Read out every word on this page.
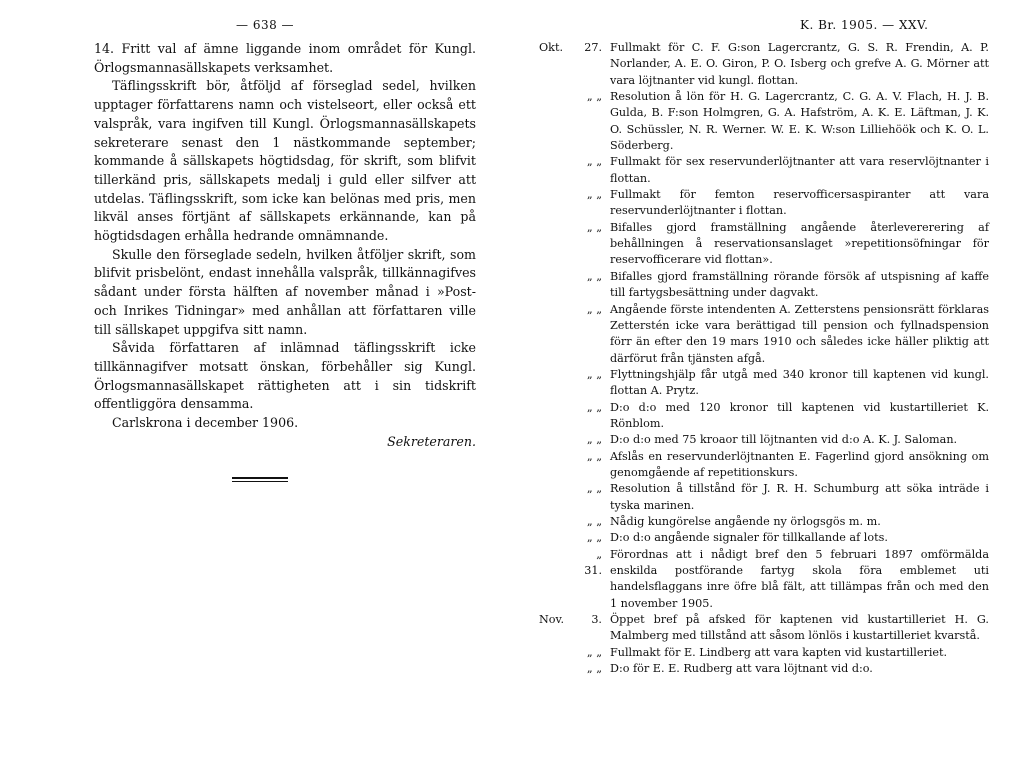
— 638 —

14. Fritt val af ämne liggande inom området för Kungl. Örlogsmannasällskapets verksamhet.

Täflingsskrift bör, åtföljd af förseglad sedel, hvilken upptager författarens namn och vistelseort, eller också ett valspråk, vara ingifven till Kungl. Örlogsmannasällskapets sekreterare senast den 1 nästkommande september; kommande å sällskapets högtidsdag, för skrift, som blifvit tillerkänd pris, sällskapets medalj i guld eller silfver att utdelas. Täflingsskrift, som icke kan belönas med pris, men likväl anses förtjänt af sällskapets erkännande, kan på högtidsdagen erhålla hedrande omnämnande.

Skulle den förseglade sedeln, hvilken åtföljer skrift, som blifvit prisbelönt, endast innehålla valspråk, tillkännagifves sådant under första hälften af november månad i »Post- och Inrikes Tidningar» med anhållan att författaren ville till sällskapet uppgifva sitt namn.

Såvida författaren af inlämnad täflingsskrift icke tillkännagifver motsatt önskan, förbehåller sig Kungl. Örlogsmannasällskapet rättigheten att i sin tidskrift offentliggöra densamma.

Carlskrona i december 1906.

Sekreteraren.

K. Br. 1905. — XXV.
Okt.	27. Fullmakt för C. F. G:son Lagercrantz, G. S. R. Frendin, A. P. Norlander, A. E. O. Giron, P. O. Isberg och grefve A. G. Mörner att vara löjtnanter vid kungl. flottan.
„ „ Resolution å lön för H. G. Lagercrantz, C. G. A. V. Flach, H. J. B. Gulda, B. F:son Holmgren, G. A. Hafström, A. K. E. Läftman, J. K. O. Schüssler, N. R. Werner. W. E. K. W:son Lilliehöök och K. O. L. Söderberg.
„ „ Fullmakt för sex reservunderlöjtnanter att vara reservlöjtnanter i flottan.
„ „ Fullmakt för femton reservofficersaspiranter att vara reservunderlöjtnanter i flottan.
„ „ Bifalles gjord framställning angående återlevererering af behållningen å reservationsanslaget »repetitionsöfningar för reservofficerare vid flottan».
„ „ Bifalles gjord framställning rörande försök af utspisning af kaffe till fartygsbesättning under dagvakt.
„ „ Angående förste intendenten A. Zetterstens pensionsrätt förklaras Zetterstén icke vara berättigad till pension och fyllnadspension förr än efter den 19 mars 1910 och således icke häller pliktig att därförut från tjänsten afgå.
„ „ Flyttningshjälp får utgå med 340 kronor till kaptenen vid kungl. flottan A. Prytz.
„ „ D:o d:o med 120 kronor till kaptenen vid kustartilleriet K. Rönblom.
„ „ D:o d:o med 75 kroaor till löjtnanten vid d:o A. K. J. Saloman.
„ „ Afslås en reservunderlöjtnanten E. Fagerlind gjord ansökning om genomgående af repetitionskurs.
„ „ Resolution å tillstånd för J. R. H. Schumburg att söka inträde i tyska marinen.
„ „ Nådig kungörelse angående ny örlogsgös m. m.
„ „ D:o d:o angående signaler för tillkallande af lots.
„ 31.
Förordnas att i nådigt bref den 5 februari 1897 omförmälda enskilda postförande fartyg skola föra emblemet uti handelsflaggans inre öfre blå fält, att tillämpas från och med den 1 november 1905.
Nov.	3. Öppet bref på afsked för kaptenen vid kustartilleriet H. G. Malmberg med tillstånd att såsom lönlös i kustartilleriet kvarstå.
„ „ Fullmakt för E. Lindberg att vara kapten vid kustartilleriet.
„ „ D:o för E. E. Rudberg att vara löjtnant vid d:o.
